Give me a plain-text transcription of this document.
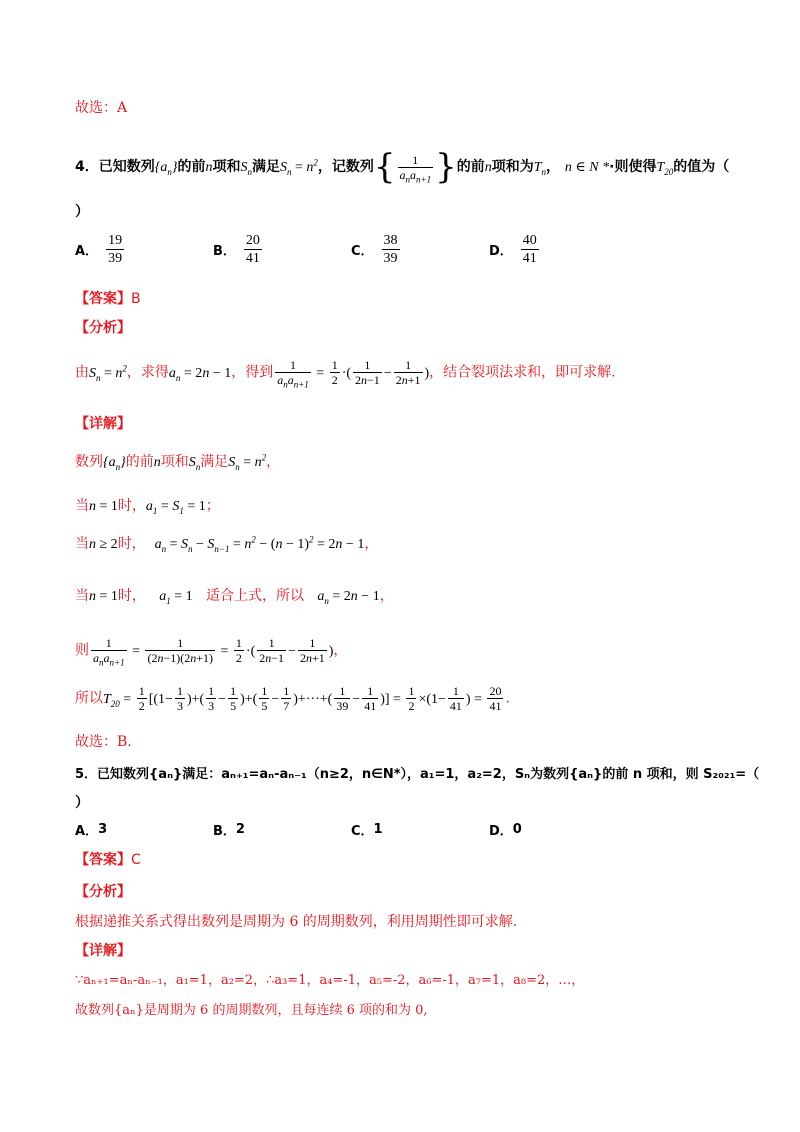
故选：A
4．已知数列$\{a_n\}$的前n项和$S_n$满足$S_n = n^2$，记数列{ $\frac{1}{a_na_{n+1}}$ }的前n项和为$T_n$， n ∈ N *·则使得$T_{20}$的值为（
）
A． $\frac{19}{39}$	B． $\frac{20}{41}$	C． $\frac{38}{39}$	D． $\frac{40}{41}$
【答案】B
【分析】
由$S_n = n^2$，求得$a_n = 2n - 1$，得到 $\frac{1}{a_na_{n+1}} = \frac{1}{2}$ ·( $\frac{1}{2n-1} - \frac{1}{2n+1}$ )，结合裂项法求和，即可求解.
【详解】
数列$\{a_n\}$的前n项和$S_n$满足$S_n = n^2$，
当n = 1时，$a_1 = S_1 = 1$；
当n ≥ 2时， $a_n = S_n - S_{n-1} = n^2 - (n - 1)^2 = 2n - 1$，
当n = 1时， $a_1 = 1$ 适合上式，所以 $a_n = 2n - 1$，
则 $\frac{1}{a_na_{n+1}} = \frac{1}{(2n-1)(2n+1)} = \frac{1}{2}$ ·( $\frac{1}{2n-1} - \frac{1}{2n+1}$ )，
所以$T_{20} = \frac{1}{2} [(1- \frac{1}{3}$ )+( $\frac{1}{3} - \frac{1}{5}$ )+( $\frac{1}{5} - \frac{1}{7}$ )+···+( $\frac{1}{39} - \frac{1}{41}$ )] = $\frac{1}{2} \times(1- \frac{1}{41}$ ) = $\frac{20}{41}$ .
故选：B.
5．已知数列{aₙ}满足：aₙ₊₁=aₙ-aₙ₋₁（n≥2，n∈N*），a₁=1，a₂=2，Sₙ为数列{aₙ}的前 n 项和，则 S₂₀₂₁=（
）
A． 3	B． 2	C． 1	D． 0
【答案】C
【分析】
根据递推关系式得出数列是周期为 6 的周期数列，利用周期性即可求解.
【详解】
∵aₙ₊₁=aₙ-aₙ₋₁，a₁=1，a₂=2，∴a₃=1，a₄=-1，a₅=-2，a₆=-1，a₇=1，a₈=2，…，
故数列{aₙ}是周期为 6 的周期数列，且每连续 6 项的和为 0,
